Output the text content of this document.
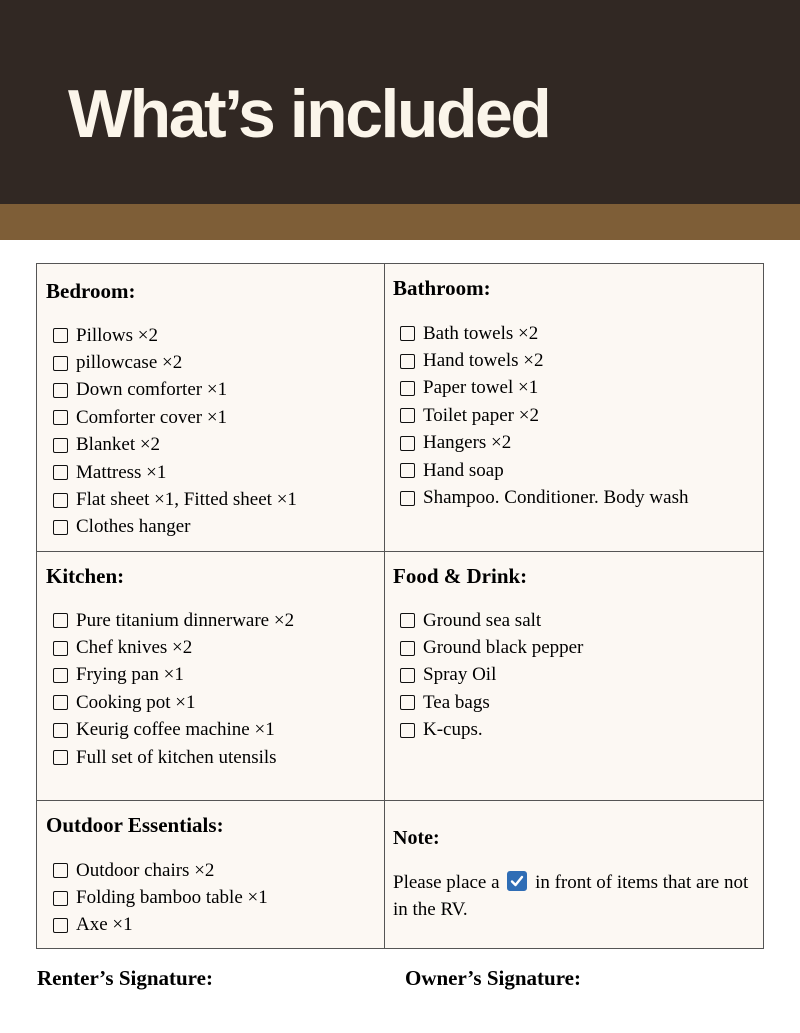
What’s included
Bedroom:
Pillows ×2
pillowcase ×2
Down comforter ×1
Comforter cover ×1
Blanket ×2
Mattress ×1
Flat sheet ×1, Fitted sheet ×1
Clothes hanger
Bathroom:
Bath towels ×2
Hand towels ×2
Paper towel ×1
Toilet paper ×2
Hangers ×2
Hand soap
Shampoo. Conditioner. Body wash
Kitchen:
Pure titanium dinnerware ×2
Chef knives ×2
Frying pan ×1
Cooking pot ×1
Keurig coffee machine ×1
Full set of kitchen utensils
Food & Drink:
Ground sea salt
Ground black pepper
Spray Oil
Tea bags
K-cups.
Outdoor Essentials:
Outdoor chairs ×2
Folding bamboo table ×1
Axe ×1
Note:
Please place a in front of items that are not in the RV.
Renter’s Signature:	Owner’s Signature:
